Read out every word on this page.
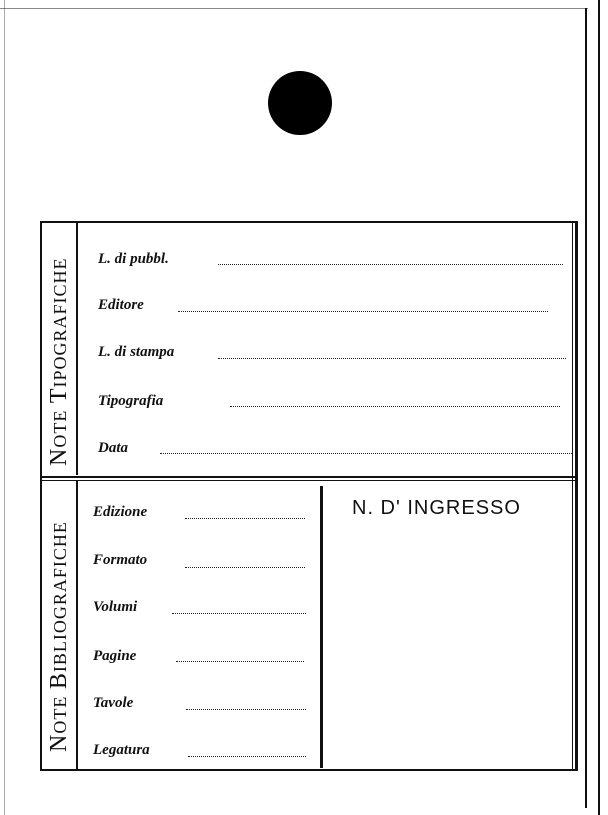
NOTE TIPOGRAFICHE L. di pubbl.
Editore
L. di stampa
Tipografia
Data
NOTE BIBLIOGRAFICHE
Edizione
Formato
Volumi
Pagine
Tavole
Legatura
N. D' INGRESSO
